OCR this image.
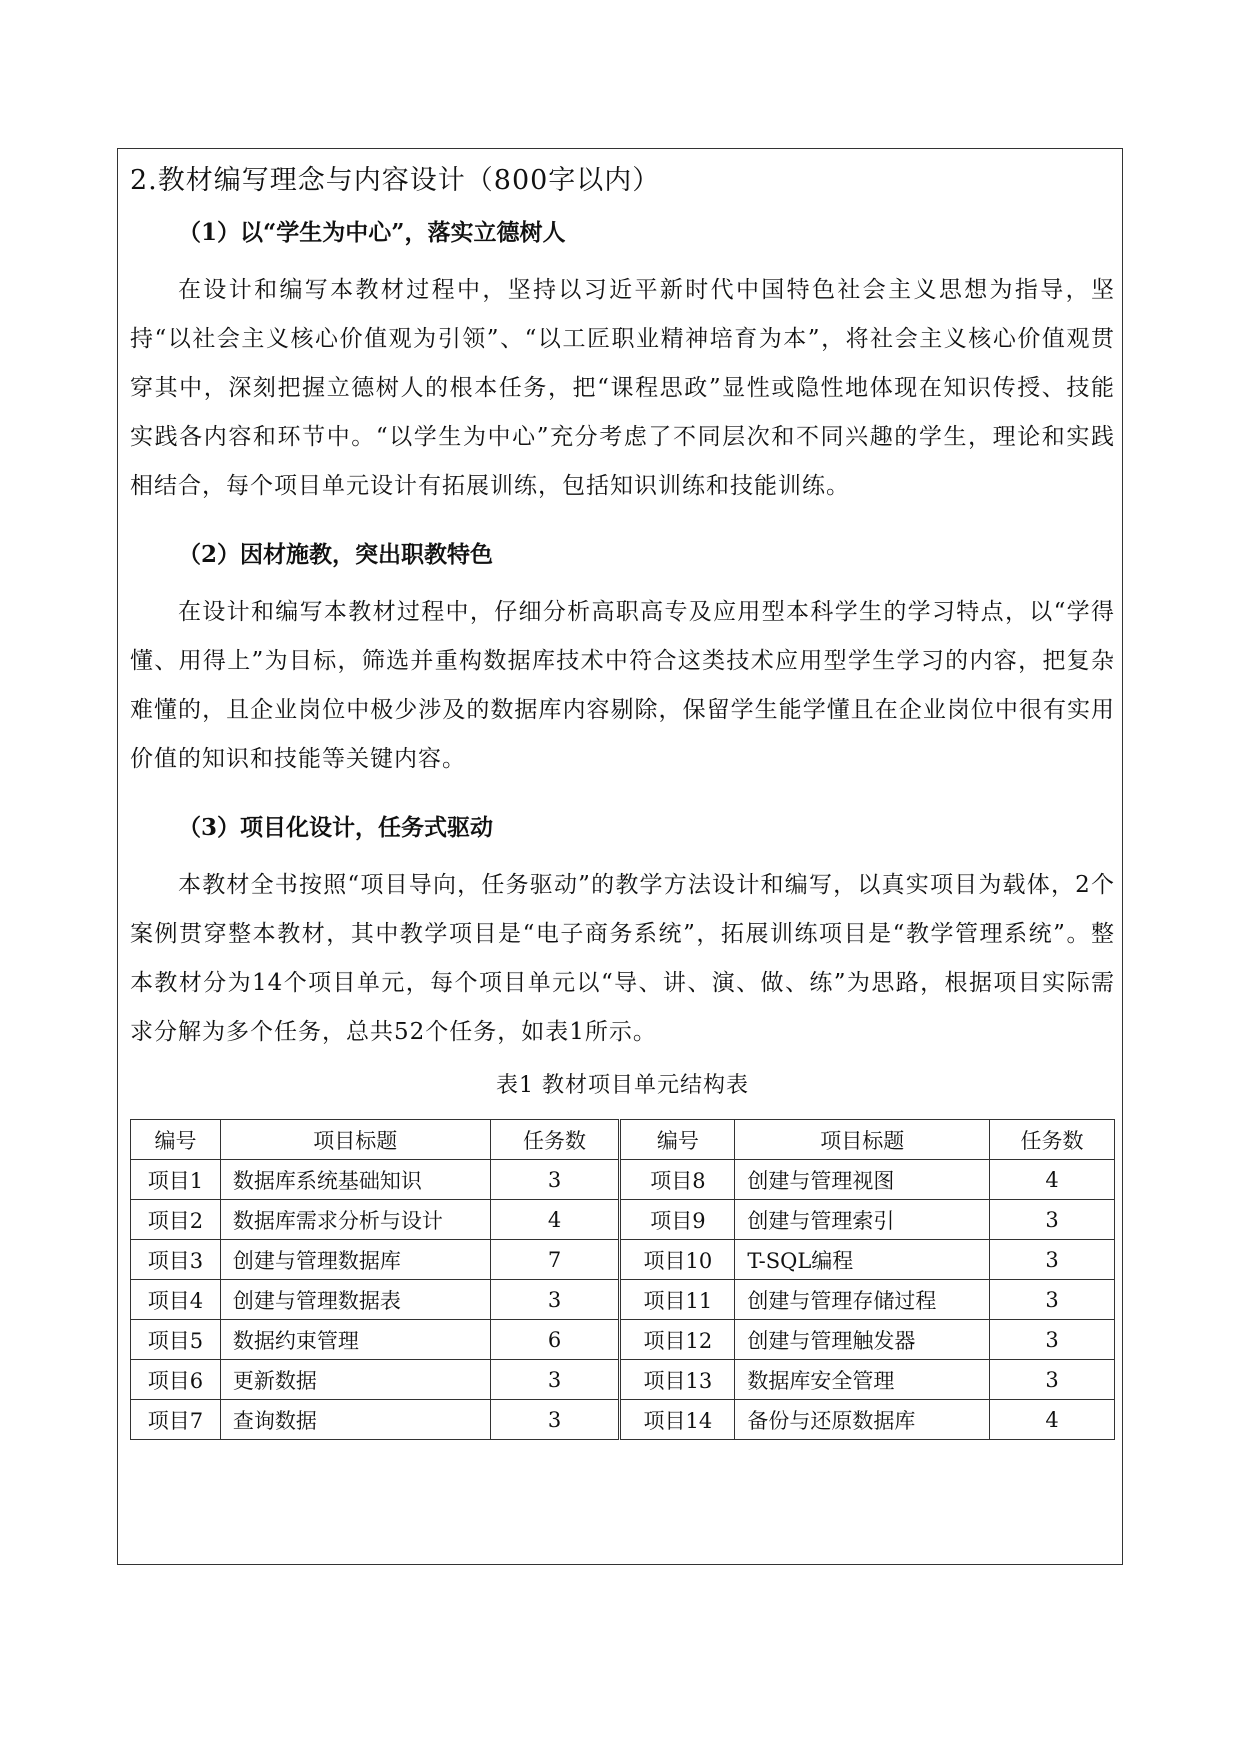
2.教材编写理念与内容设计（800字以内）

（1）以“学生为中心”，落实立德树人

在设计和编写本教材过程中，坚持以习近平新时代中国特色社会主义思想为指导，坚持“以社会主义核心价值观为引领”、“以工匠职业精神培育为本”，将社会主义核心价值观贯穿其中，深刻把握立德树人的根本任务，把“课程思政”显性或隐性地体现在知识传授、技能实践各内容和环节中。“以学生为中心”充分考虑了不同层次和不同兴趣的学生，理论和实践相结合，每个项目单元设计有拓展训练，包括知识训练和技能训练。

（2）因材施教，突出职教特色

在设计和编写本教材过程中，仔细分析高职高专及应用型本科学生的学习特点，以“学得懂、用得上”为目标，筛选并重构数据库技术中符合这类技术应用型学生学习的内容，把复杂难懂的，且企业岗位中极少涉及的数据库内容剔除，保留学生能学懂且在企业岗位中很有实用价值的知识和技能等关键内容。

（3）项目化设计，任务式驱动

本教材全书按照“项目导向，任务驱动”的教学方法设计和编写，以真实项目为载体，2个案例贯穿整本教材，其中教学项目是“电子商务系统”，拓展训练项目是“教学管理系统”。整本教材分为14个项目单元，每个项目单元以“导、讲、演、做、练”为思路，根据项目实际需求分解为多个任务，总共52个任务，如表1所示。

表1 教材项目单元结构表

编号	项目标题	任务数	编号	项目标题	任务数
项目1	数据库系统基础知识	3	项目8	创建与管理视图	4
项目2	数据库需求分析与设计	4	项目9	创建与管理索引	3
项目3	创建与管理数据库	7	项目10	T-SQL编程	3
项目4	创建与管理数据表	3	项目11	创建与管理存储过程	3
项目5	数据约束管理	6	项目12	创建与管理触发器	3
项目6	更新数据	3	项目13	数据库安全管理	3
项目7	查询数据	3	项目14	备份与还原数据库	4
